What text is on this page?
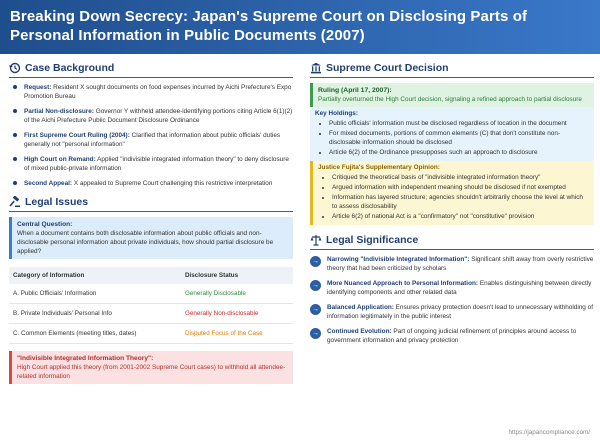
Breaking Down Secrecy: Japan's Supreme Court on Disclosing Parts of Personal Information in Public Documents (2007)
Case Background
Request: Resident X sought documents on food expenses incurred by Aichi Prefecture's Expo Promotion Bureau
Partial Non-disclosure: Governor Y withheld attendee-identifying portions citing Article 6(1)(2) of the Aichi Prefecture Public Document Disclosure Ordinance
First Supreme Court Ruling (2004): Clarified that information about public officials' duties generally not "personal information"
High Court on Remand: Applied "indivisible integrated information theory" to deny disclosure of mixed public-private information
Second Appeal: X appealed to Supreme Court challenging this restrictive interpretation
Legal Issues
Central Question:
When a document contains both disclosable information about public officials and non-disclosable personal information about private individuals, how should partial disclosure be applied?
Category of Information	Disclosure Status
A. Public Officials' Information	Generally Disclosable
B. Private Individuals' Personal Info	Generally Non-disclosable
C. Common Elements (meeting titles, dates)	Disputed Focus of the Case
"Indivisible Integrated Information Theory":
High Court applied this theory (from 2001-2002 Supreme Court cases) to withhold all attendee-related information
Supreme Court Decision
Ruling (April 17, 2007):
Partially overturned the High Court decision, signaling a refined approach to partial disclosure
Key Holdings:
• Public officials' information must be disclosed regardless of location in the document
• For mixed documents, portions of common elements (C) that don't constitute non-disclosable information should be disclosed
• Article 6(2) of the Ordinance presupposes such an approach to disclosure
Justice Fujita's Supplementary Opinion:
• Critiqued the theoretical basis of "indivisible integrated information theory"
• Argued information with independent meaning should be disclosed if not exempted
• Information has layered structure; agencies shouldn't arbitrarily choose the level at which to assess disclosability
• Article 6(2) of national Act is a "confirmatory" not "constitutive" provision
Legal Significance
→	Narrowing "Indivisible Integrated Information": Significant shift away from overly restrictive theory that had been criticized by scholars
→	More Nuanced Approach to Personal Information: Enables distinguishing between directly identifying components and other related data
→	Balanced Application: Ensures privacy protection doesn't lead to unnecessary withholding of information legitimately in the public interest
→	Continued Evolution: Part of ongoing judicial refinement of principles around access to government information and privacy protection
https://japancompliance.com/
